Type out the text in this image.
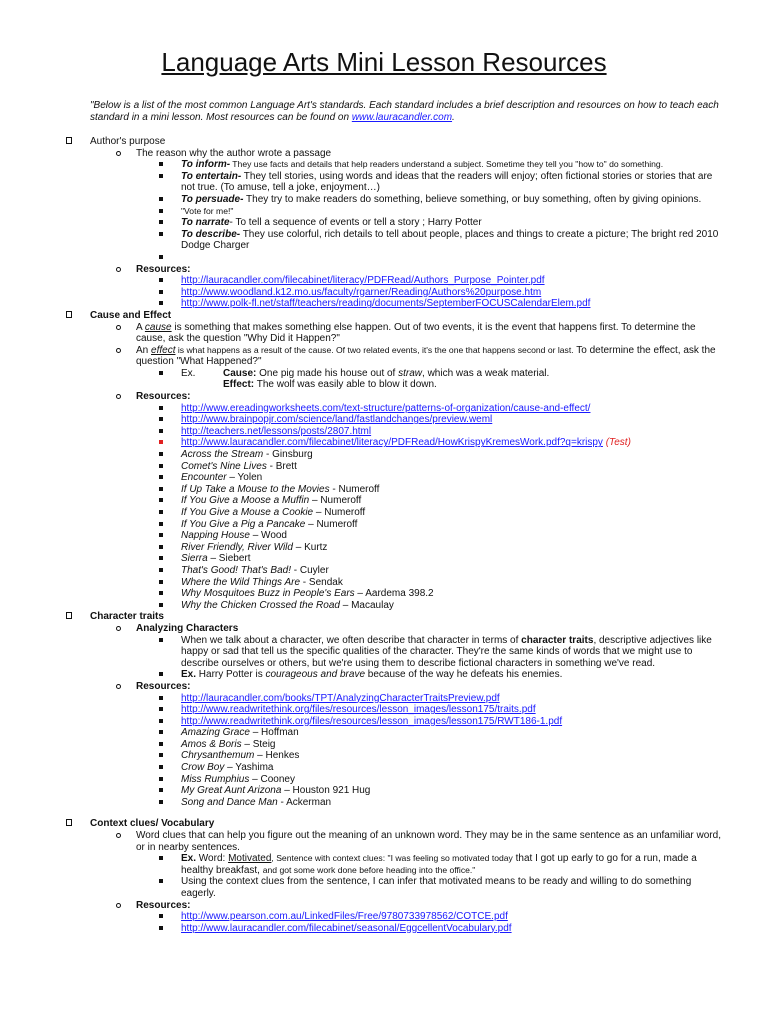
Language Arts Mini Lesson Resources
"Below is a list of the most common Language Art's standards. Each standard includes a brief description and resources on how to teach each standard in a mini lesson. Most resources can be found on www.lauracandler.com.
Author's purpose
The reason why the author wrote a passage
To inform- They use facts and details that help readers understand a subject. Sometime they tell you "how to" do something.
To entertain- They tell stories, using words and ideas that the readers will enjoy; often fictional stories or stories that are not true. (To amuse, tell a joke, enjoyment…)
To persuade- They try to make readers do something, believe something, or buy something, often by giving opinions.
"Vote for me!"
To narrate- To tell a sequence of events or tell a story ; Harry Potter
To describe- They use colorful, rich details to tell about people, places and things to create a picture; The bright red 2010 Dodge Charger

Resources:
http://lauracandler.com/filecabinet/literacy/PDFRead/Authors_Purpose_Pointer.pdf
http://www.woodland.k12.mo.us/faculty/rgarner/Reading/Authors%20purpose.htm
http://www.polk-fl.net/staff/teachers/reading/documents/SeptemberFOCUSCalendarElem.pdf
Cause and Effect
A cause is something that makes something else happen. Out of two events, it is the event that happens first. To determine the cause, ask the question "Why Did it Happen?"
An effect is what happens as a result of the cause. Of two related events, it's the one that happens second or last. To determine the effect, ask the question "What Happened?"
Ex.	Cause: One pig made his house out of straw, which was a weak material.
Effect: The wolf was easily able to blow it down.
Resources:
http://www.ereadingworksheets.com/text-structure/patterns-of-organization/cause-and-effect/
http://www.brainpopjr.com/science/land/fastlandchanges/preview.weml
http://teachers.net/lessons/posts/2807.html
http://www.lauracandler.com/filecabinet/literacy/PDFRead/HowKrispyKremesWork.pdf?q=krispy (Test)
Across the Stream - Ginsburg
Comet's Nine Lives - Brett
Encounter – Yolen
If Up Take a Mouse to the Movies - Numeroff
If You Give a Moose a Muffin – Numeroff
If You Give a Mouse a Cookie – Numeroff
If You Give a Pig a Pancake – Numeroff
Napping House – Wood
River Friendly, River Wild – Kurtz
Sierra – Siebert
That's Good! That's Bad! - Cuyler
Where the Wild Things Are - Sendak
Why Mosquitoes Buzz in People's Ears – Aardema 398.2
Why the Chicken Crossed the Road – Macaulay
Character traits
Analyzing Characters
When we talk about a character, we often describe that character in terms of character traits, descriptive adjectives like happy or sad that tell us the specific qualities of the character. They're the same kinds of words that we might use to describe ourselves or others, but we're using them to describe fictional characters in something we've read.
Ex. Harry Potter is courageous and brave because of the way he defeats his enemies.
Resources:
http://lauracandler.com/books/TPT/AnalyzingCharacterTraitsPreview.pdf
http://www.readwritethink.org/files/resources/lesson_images/lesson175/traits.pdf
http://www.readwritethink.org/files/resources/lesson_images/lesson175/RWT186-1.pdf
Amazing Grace – Hoffman
Amos & Boris – Steig
Chrysanthemum – Henkes
Crow Boy – Yashima
Miss Rumphius – Cooney
My Great Aunt Arizona – Houston 921 Hug
Song and Dance Man - Ackerman
Context clues/ Vocabulary
Word clues that can help you figure out the meaning of an unknown word. They may be in the same sentence as an unfamiliar word, or in nearby sentences.
Ex. Word: Motivated, Sentence with context clues: "I was feeling so motivated today that I got up early to go for a run, made a healthy breakfast, and got some work done before heading into the office."
Using the context clues from the sentence, I can infer that motivated means to be ready and willing to do something eagerly.
Resources:
http://www.pearson.com.au/LinkedFiles/Free/9780733978562/COTCE.pdf
http://www.lauracandler.com/filecabinet/seasonal/EggcellentVocabulary.pdf
